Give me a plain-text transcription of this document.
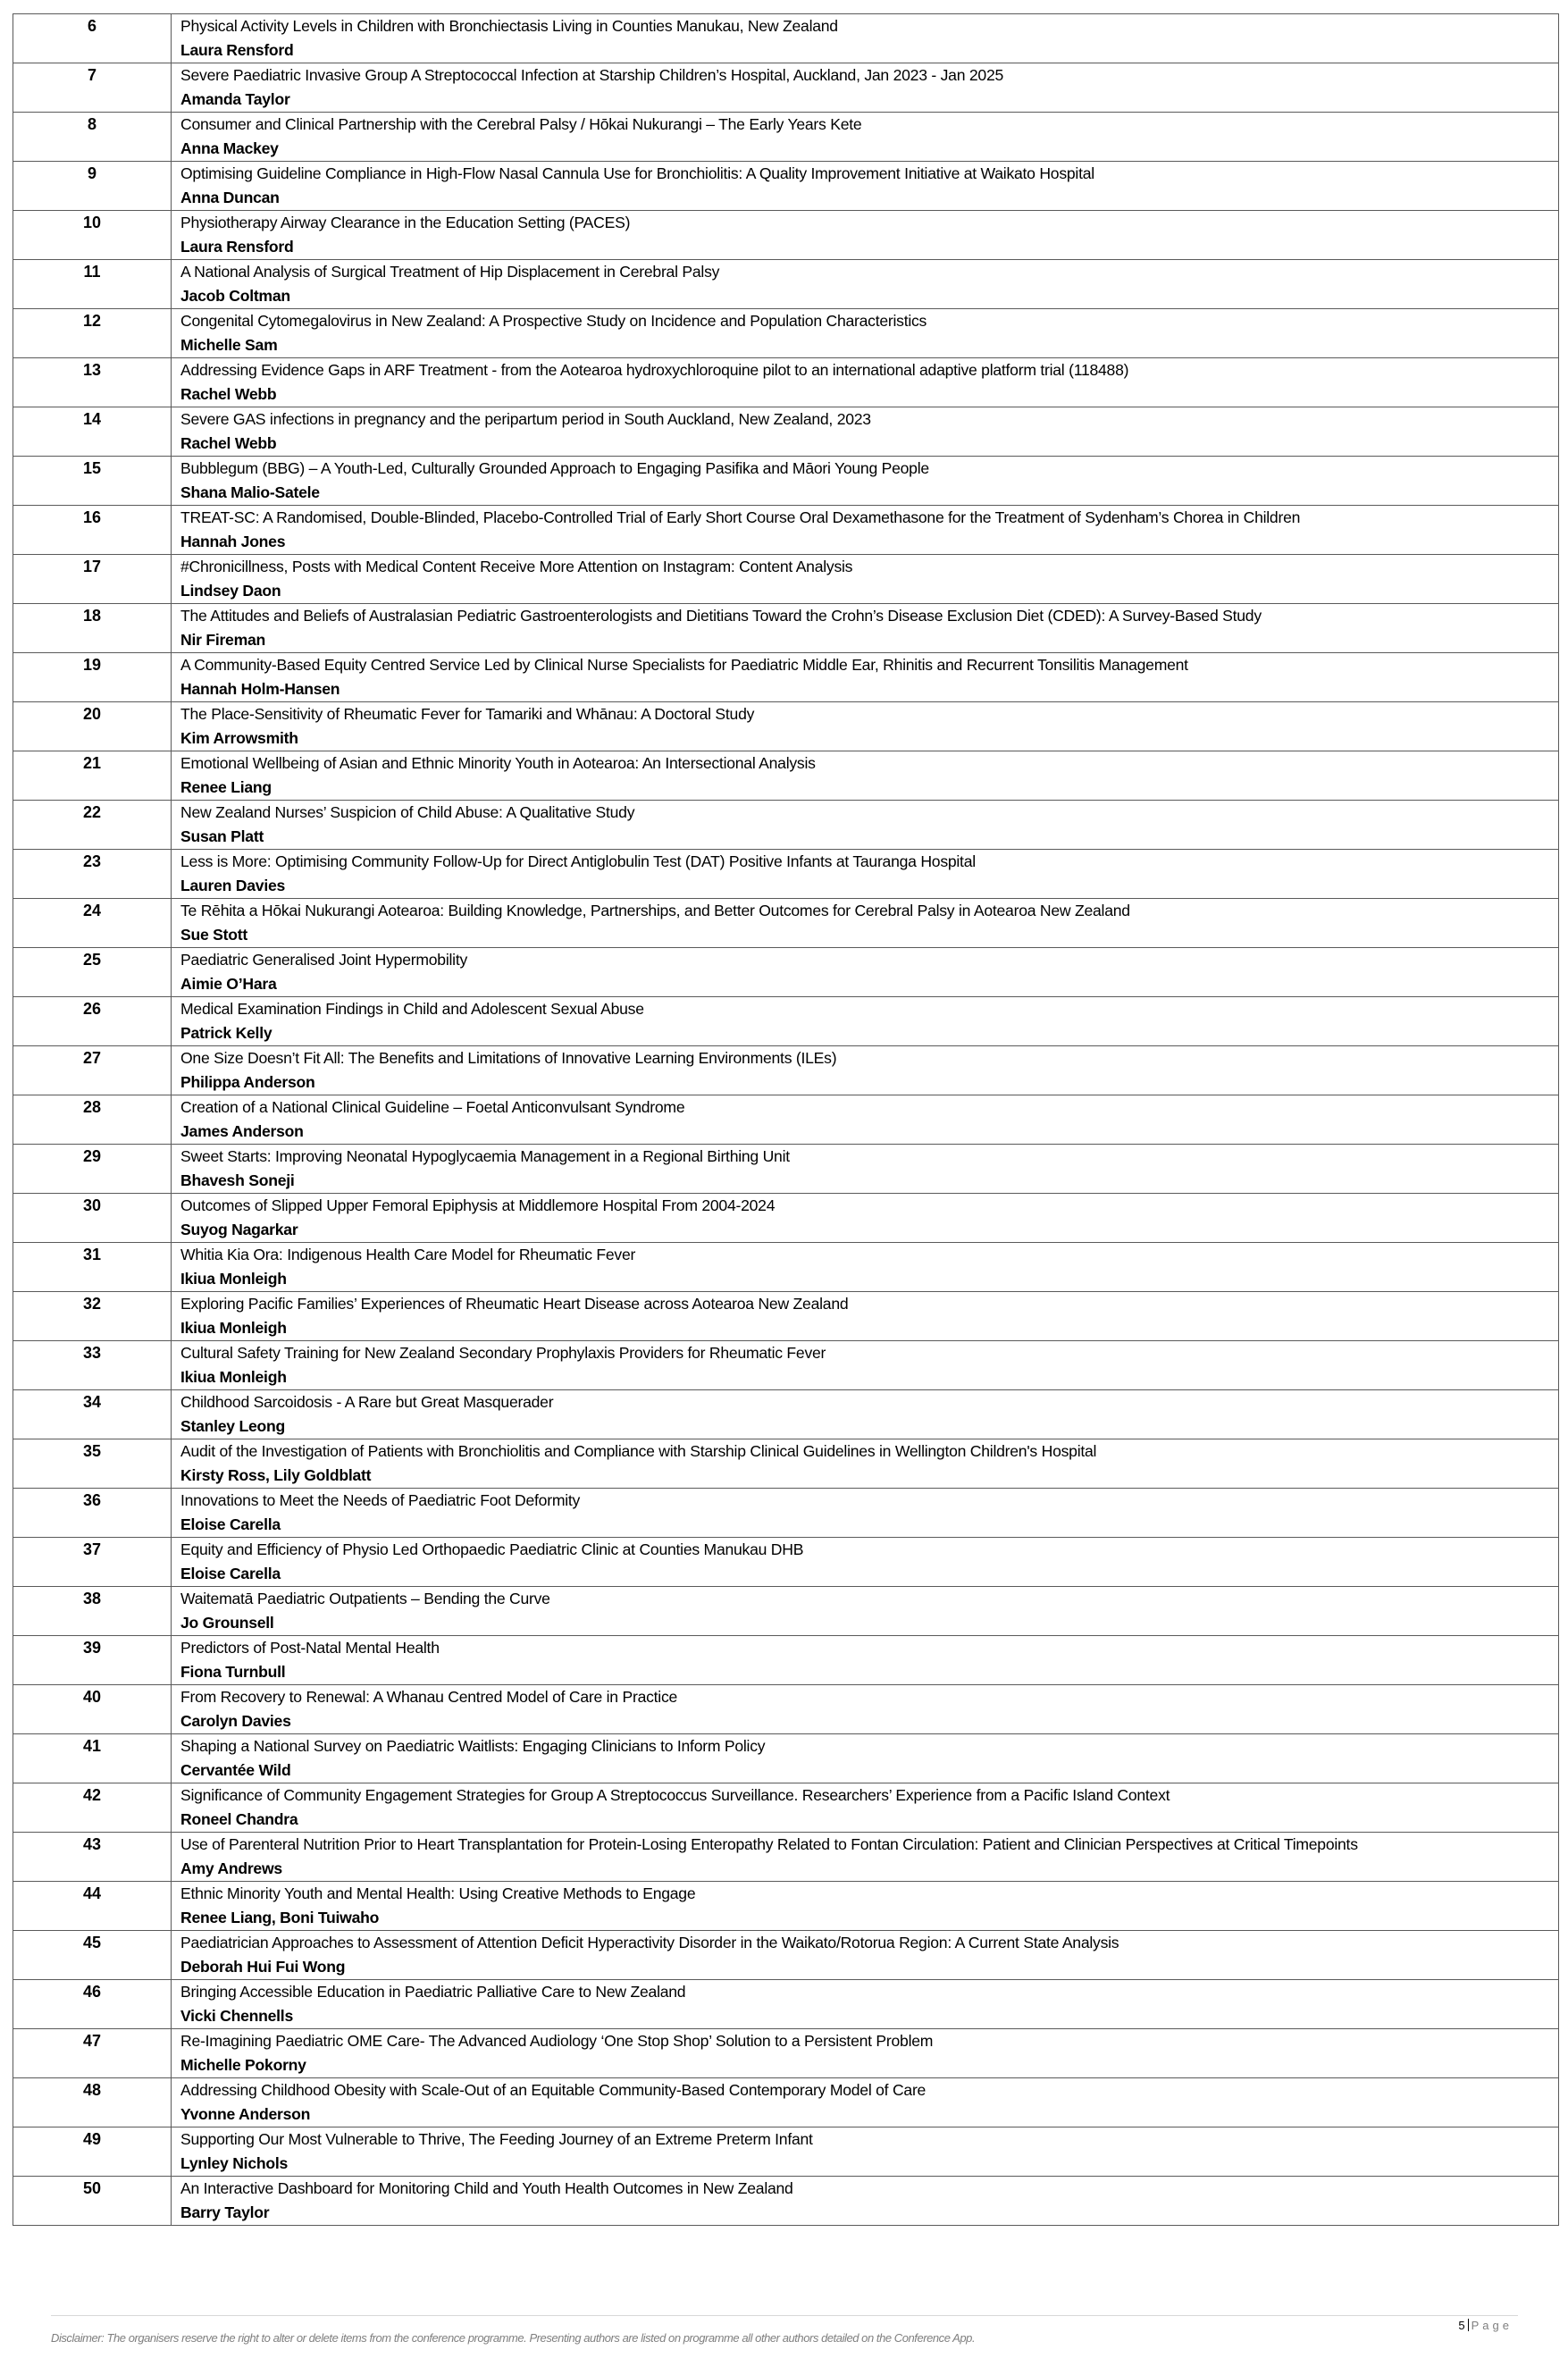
6	Physical Activity Levels in Children with Bronchiectasis Living in Counties Manukau, New Zealand
Laura Rensford

7	Severe Paediatric Invasive Group A Streptococcal Infection at Starship Children’s Hospital, Auckland, Jan 2023 - Jan 2025
Amanda Taylor

8	Consumer and Clinical Partnership with the Cerebral Palsy / Hōkai Nukurangi – The Early Years Kete
Anna Mackey

9	Optimising Guideline Compliance in High-Flow Nasal Cannula Use for Bronchiolitis: A Quality Improvement Initiative at Waikato Hospital
Anna Duncan

10	Physiotherapy Airway Clearance in the Education Setting (PACES)
Laura Rensford

11	A National Analysis of Surgical Treatment of Hip Displacement in Cerebral Palsy
Jacob Coltman

12	Congenital Cytomegalovirus in New Zealand: A Prospective Study on Incidence and Population Characteristics
Michelle Sam

13	Addressing Evidence Gaps in ARF Treatment - from the Aotearoa hydroxychloroquine pilot to an international adaptive platform trial (118488)
Rachel Webb

14	Severe GAS infections in pregnancy and the peripartum period in South Auckland, New Zealand, 2023
Rachel Webb

15	Bubblegum (BBG) – A Youth-Led, Culturally Grounded Approach to Engaging Pasifika and Māori Young People
Shana Malio-Satele

16	TREAT-SC: A Randomised, Double-Blinded, Placebo-Controlled Trial of Early Short Course Oral Dexamethasone for the Treatment of Sydenham’s Chorea in Children
Hannah Jones

17	#Chronicillness, Posts with Medical Content Receive More Attention on Instagram: Content Analysis
Lindsey Daon

18	The Attitudes and Beliefs of Australasian Pediatric Gastroenterologists and Dietitians Toward the Crohn’s Disease Exclusion Diet (CDED): A Survey-Based Study
Nir Fireman

19	A Community-Based Equity Centred Service Led by Clinical Nurse Specialists for Paediatric Middle Ear, Rhinitis and Recurrent Tonsilitis Management
Hannah Holm-Hansen

20	The Place-Sensitivity of Rheumatic Fever for Tamariki and Whānau: A Doctoral Study
Kim Arrowsmith

21	Emotional Wellbeing of Asian and Ethnic Minority Youth in Aotearoa: An Intersectional Analysis
Renee Liang

22	New Zealand Nurses’ Suspicion of Child Abuse: A Qualitative Study
Susan Platt

23	Less is More: Optimising Community Follow-Up for Direct Antiglobulin Test (DAT) Positive Infants at Tauranga Hospital
Lauren Davies

24	Te Rēhita a Hōkai Nukurangi Aotearoa: Building Knowledge, Partnerships, and Better Outcomes for Cerebral Palsy in Aotearoa New Zealand
Sue Stott

25	Paediatric Generalised Joint Hypermobility
Aimie O’Hara

26	Medical Examination Findings in Child and Adolescent Sexual Abuse
Patrick Kelly

27	One Size Doesn’t Fit All: The Benefits and Limitations of Innovative Learning Environments (ILEs)
Philippa Anderson

28	Creation of a National Clinical Guideline – Foetal Anticonvulsant Syndrome
James Anderson

29	Sweet Starts: Improving Neonatal Hypoglycaemia Management in a Regional Birthing Unit
Bhavesh Soneji

30	Outcomes of Slipped Upper Femoral Epiphysis at Middlemore Hospital From 2004-2024
Suyog Nagarkar

31	Whitia Kia Ora: Indigenous Health Care Model for Rheumatic Fever
Ikiua Monleigh

32	Exploring Pacific Families’ Experiences of Rheumatic Heart Disease across Aotearoa New Zealand
Ikiua Monleigh

33	Cultural Safety Training for New Zealand Secondary Prophylaxis Providers for Rheumatic Fever
Ikiua Monleigh

34	Childhood Sarcoidosis - A Rare but Great Masquerader
Stanley Leong

35	Audit of the Investigation of Patients with Bronchiolitis and Compliance with Starship Clinical Guidelines in Wellington Children's Hospital
Kirsty Ross, Lily Goldblatt

36	Innovations to Meet the Needs of Paediatric Foot Deformity
Eloise Carella

37	Equity and Efficiency of Physio Led Orthopaedic Paediatric Clinic at Counties Manukau DHB
Eloise Carella

38	Waitematā Paediatric Outpatients – Bending the Curve
Jo Grounsell

39	Predictors of Post-Natal Mental Health
Fiona Turnbull

40	From Recovery to Renewal: A Whanau Centred Model of Care in Practice
Carolyn Davies

41	Shaping a National Survey on Paediatric Waitlists: Engaging Clinicians to Inform Policy
Cervantée Wild

42	Significance of Community Engagement Strategies for Group A Streptococcus Surveillance. Researchers’ Experience from a Pacific Island Context
Roneel Chandra

43	Use of Parenteral Nutrition Prior to Heart Transplantation for Protein-Losing Enteropathy Related to Fontan Circulation: Patient and Clinician Perspectives at Critical Timepoints
Amy Andrews

44	Ethnic Minority Youth and Mental Health: Using Creative Methods to Engage
Renee Liang, Boni Tuiwaho

45	Paediatrician Approaches to Assessment of Attention Deficit Hyperactivity Disorder in the Waikato/Rotorua Region: A Current State Analysis
Deborah Hui Fui Wong

46	Bringing Accessible Education in Paediatric Palliative Care to New Zealand
Vicki Chennells

47	Re-Imagining Paediatric OME Care- The Advanced Audiology ‘One Stop Shop’ Solution to a Persistent Problem
Michelle Pokorny

48	Addressing Childhood Obesity with Scale-Out of an Equitable Community-Based Contemporary Model of Care
Yvonne Anderson

49	Supporting Our Most Vulnerable to Thrive, The Feeding Journey of an Extreme Preterm Infant
Lynley Nichols

50	An Interactive Dashboard for Monitoring Child and Youth Health Outcomes in New Zealand
Barry Taylor
5 Page
Disclaimer: The organisers reserve the right to alter or delete items from the conference programme. Presenting authors are listed on programme all other authors detailed on the Conference App.
